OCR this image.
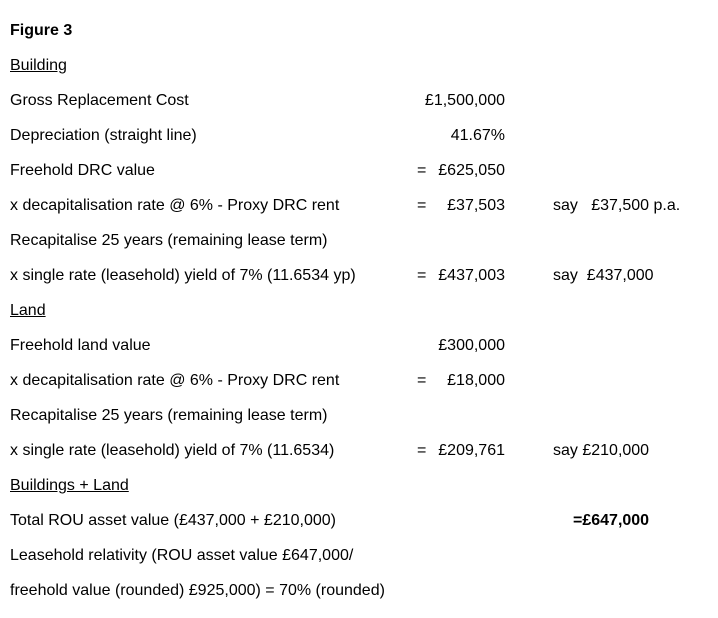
Figure 3
Building
Gross Replacement Cost	£1,500,000
Depreciation (straight line)	41.67%
Freehold DRC value	= £625,050
x decapitalisation rate @ 6% - Proxy DRC rent	= £37,503	say   £37,500 p.a.
Recapitalise 25 years (remaining lease term)
x single rate (leasehold) yield of 7% (11.6534 yp)	= £437,003	say  £437,000
Land
Freehold land value	£300,000
x decapitalisation rate @ 6% - Proxy DRC rent	= £18,000
Recapitalise 25 years (remaining lease term)
x single rate (leasehold) yield of 7% (11.6534)	= £209,761	say £210,000
Buildings + Land
Total ROU asset value (£437,000 + £210,000)	=£647,000
Leasehold relativity (ROU asset value £647,000/
freehold value (rounded) £925,000) = 70% (rounded)
